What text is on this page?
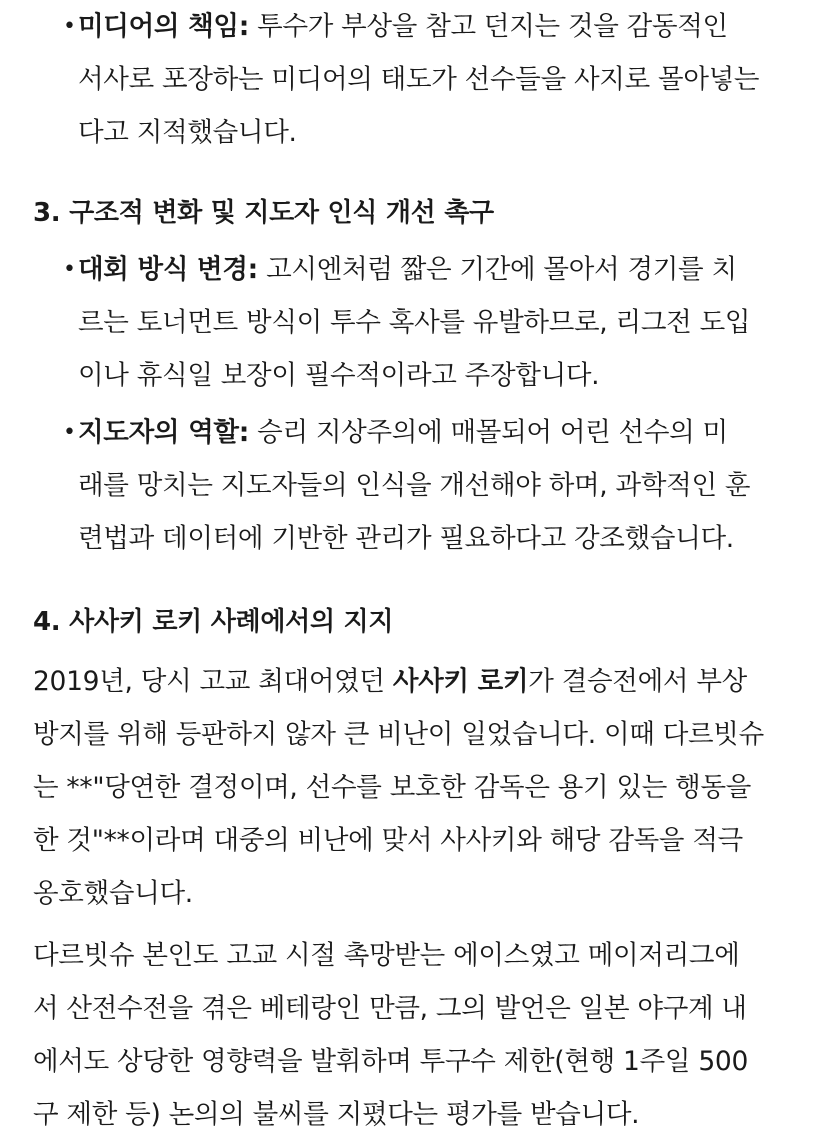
• 미디어의 책임: 투수가 부상을 참고 던지는 것을 감동적인
서사로 포장하는 미디어의 태도가 선수들을 사지로 몰아넣는
다고 지적했습니다.
3. 구조적 변화 및 지도자 인식 개선 촉구
• 대회 방식 변경: 고시엔처럼 짧은 기간에 몰아서 경기를 치
르는 토너먼트 방식이 투수 혹사를 유발하므로, 리그전 도입
이나 휴식일 보장이 필수적이라고 주장합니다.
• 지도자의 역할: 승리 지상주의에 매몰되어 어린 선수의 미
래를 망치는 지도자들의 인식을 개선해야 하며, 과학적인 훈
련법과 데이터에 기반한 관리가 필요하다고 강조했습니다.
4. 사사키 로키 사례에서의 지지
2019년, 당시 고교 최대어였던 사사키 로키가 결승전에서 부상
방지를 위해 등판하지 않자 큰 비난이 일었습니다. 이때 다르빗슈
는 **"당연한 결정이며, 선수를 보호한 감독은 용기 있는 행동을
한 것"**이라며 대중의 비난에 맞서 사사키와 해당 감독을 적극
옹호했습니다.
다르빗슈 본인도 고교 시절 촉망받는 에이스였고 메이저리그에
서 산전수전을 겪은 베테랑인 만큼, 그의 발언은 일본 야구계 내
에서도 상당한 영향력을 발휘하며 투구수 제한(현행 1주일 500
구 제한 등) 논의의 불씨를 지폈다는 평가를 받습니다.
